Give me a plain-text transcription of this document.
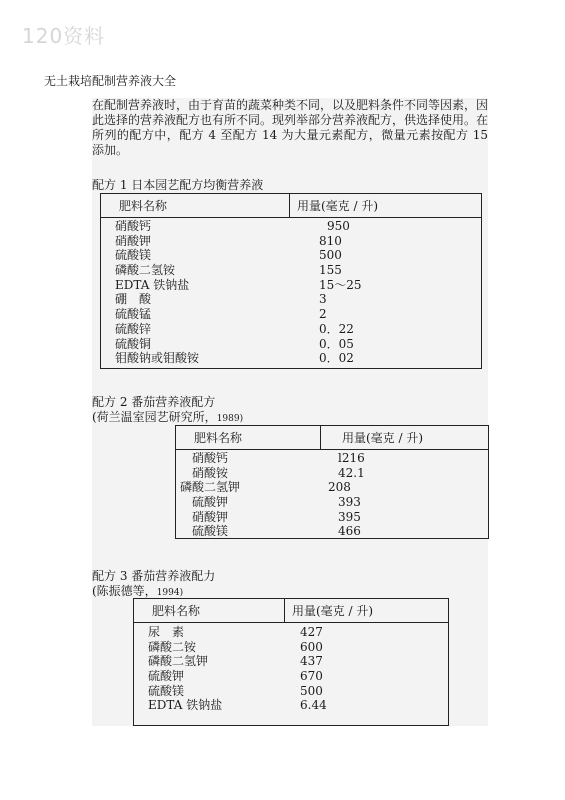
120资料
无土栽培配制营养液大全

在配制营养液时，由于育苗的蔬菜种类不同，以及肥料条件不同等因素，因此选择的营养液配方也有所不同。现列举部分营养液配方，供选择使用。在所列的配方中，配方 4 至配方 14 为大量元素配方，微量元素按配方 15 添加。

配方 1 日本园艺配方均衡营养液
肥料名称	用量(毫克 / 升)
硝酸钙	950
硝酸钾	810
硫酸镁	500
磷酸二氢铵	155
EDTA 铁钠盐	15～25
硼　酸	3
硫酸锰	2
硫酸锌	0．22
硫酸铜	0．05
钼酸钠或钼酸铵	0．02
配方 2 番茄营养液配方
(荷兰温室园艺研究所，1989)
肥料名称	用量(毫克 / 升)
硝酸钙	l216
硝酸铵	42.1
磷酸二氢钾	208
硫酸钾	393
硝酸钾	395
硫酸镁	466
配方 3 番茄营养液配力
(陈振德等，1994)
肥料名称	用量(毫克 / 升)
尿　素	427
磷酸二铵	600
磷酸二氢钾	437
硫酸钾	670
硫酸镁	500
EDTA 铁钠盐	6.44
